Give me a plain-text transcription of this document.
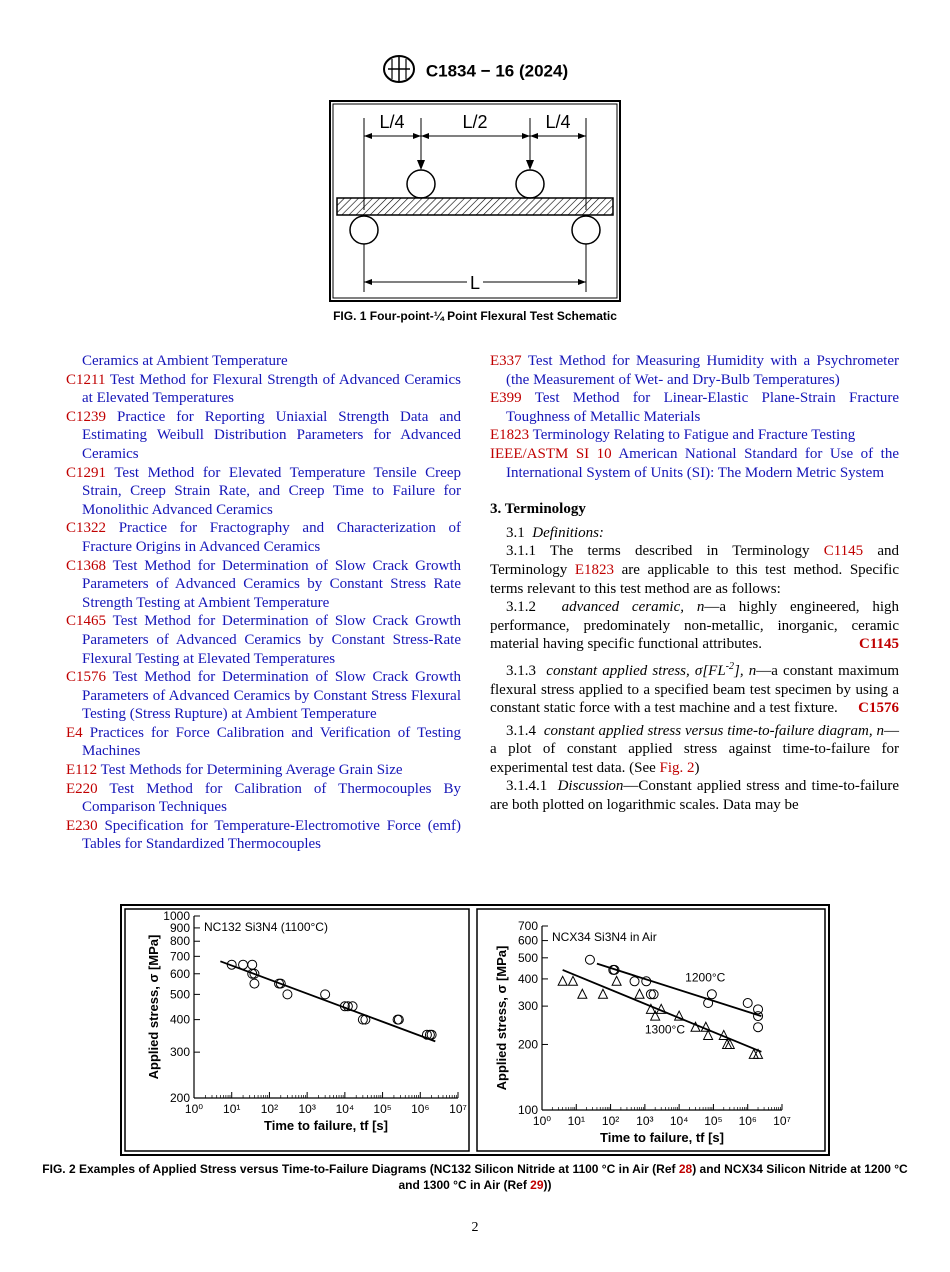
C1834 − 16 (2024)
L/4	L/2	L/4
L
FIG. 1 Four-point-¼ Point Flexural Test Schematic

Ceramics at Ambient Temperature

C1211 Test Method for Flexural Strength of Advanced Ceramics at Elevated Temperatures

C1239 Practice for Reporting Uniaxial Strength Data and Estimating Weibull Distribution Parameters for Advanced Ceramics

C1291 Test Method for Elevated Temperature Tensile Creep Strain, Creep Strain Rate, and Creep Time to Failure for Monolithic Advanced Ceramics

C1322 Practice for Fractography and Characterization of Fracture Origins in Advanced Ceramics

C1368 Test Method for Determination of Slow Crack Growth Parameters of Advanced Ceramics by Constant Stress Rate Strength Testing at Ambient Temperature

C1465 Test Method for Determination of Slow Crack Growth Parameters of Advanced Ceramics by Constant Stress-Rate Flexural Testing at Elevated Temperatures

C1576 Test Method for Determination of Slow Crack Growth Parameters of Advanced Ceramics by Constant Stress Flexural Testing (Stress Rupture) at Ambient Temperature

E4 Practices for Force Calibration and Verification of Testing Machines

E112 Test Methods for Determining Average Grain Size

E220 Test Method for Calibration of Thermocouples By Comparison Techniques

E230 Specification for Temperature-Electromotive Force (emf) Tables for Standardized Thermocouples

E337 Test Method for Measuring Humidity with a Psychrometer (the Measurement of Wet- and Dry-Bulb Temperatures)

E399 Test Method for Linear-Elastic Plane-Strain Fracture Toughness of Metallic Materials

E1823 Terminology Relating to Fatigue and Fracture Testing

IEEE/ASTM SI 10 American National Standard for Use of the International System of Units (SI): The Modern Metric System

3. Terminology

3.1 Definitions:

3.1.1 The terms described in Terminology C1145 and Terminology E1823 are applicable to this test method. Specific terms relevant to this test method are as follows:

3.1.2 advanced ceramic, n—a highly engineered, high performance, predominately non-metallic, inorganic, ceramic material having specific functional attributes.	C1145

3.1.3 constant applied stress, $\sigma[FL^{-2}]$, n—a constant maximum flexural stress applied to a specified beam test specimen by using a constant static force with a test machine and a test fixture.	C1576

3.1.4 constant applied stress versus time-to-failure diagram, n—a plot of constant applied stress against time-to-failure for experimental test data. (See Fig. 2)

3.1.4.1 Discussion—Constant applied stress and time-to-failure are both plotted on logarithmic scales. Data may be

10⁰ 10¹ 10² 10³ 10⁴ 10⁵ 10⁶ 10⁷
200
300
400
500
600
700
800
900
1000
Time to failure, tf [s]
Applied stress, σ [MPa]
NC132 Si3N4 (1100°C)
10⁰ 10¹ 10² 10³ 10⁴ 10⁵ 10⁶ 10⁷
100
200
300
400
500
600
700
Time to failure, tf [s]
Applied stress, σ [MPa]
NCX34 Si3N4 in Air
1200°C
1300°C
FIG. 2 Examples of Applied Stress versus Time-to-Failure Diagrams (NC132 Silicon Nitride at 1100 °C in Air (Ref 28) and NCX34 Silicon Nitride at 1200 °C and 1300 °C in Air (Ref 29))
2
